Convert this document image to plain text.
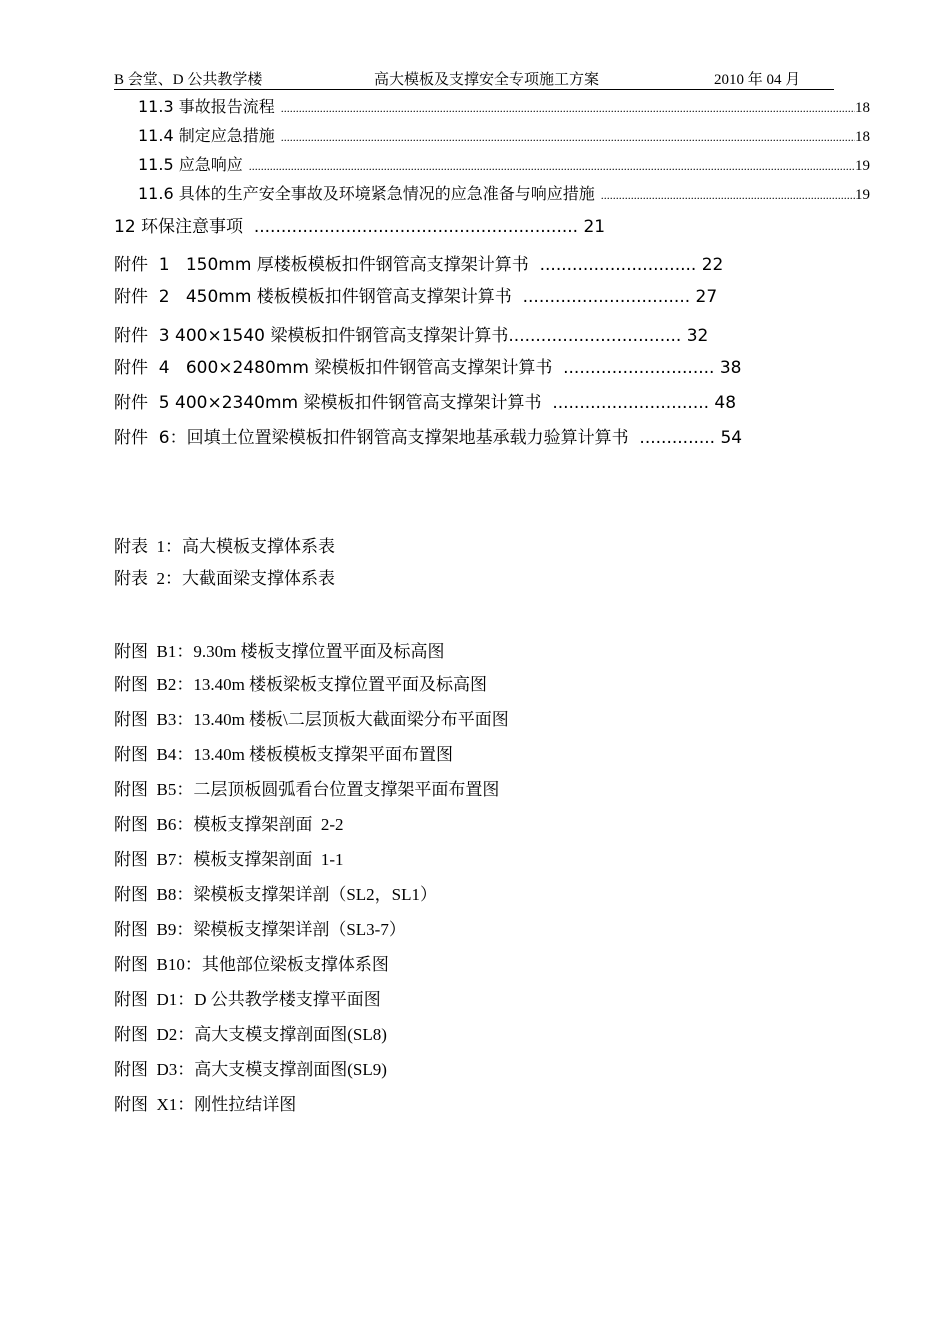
B 会堂、D 公共教学楼	高大模板及支撑安全专项施工方案	2010 年 04 月
11.3 事故报告流程 .....	18
11.4 制定应急措施 .....	18
11.5 应急响应 .....	19
11.6 具体的生产安全事故及环境紧急情况的应急准备与响应措施 .....	19
12 环保注意事项  ............................................................ 21
附件  1   150mm 厚楼板模板扣件钢管高支撑架计算书  ............................. 22
附件  2   450mm 楼板模板扣件钢管高支撑架计算书  ............................... 27
附件  3 400×1540 梁模板扣件钢管高支撑架计算书................................ 32
附件  4   600×2480mm 梁模板扣件钢管高支撑架计算书  ............................ 38
附件  5 400×2340mm 梁模板扣件钢管高支撑架计算书  ............................. 48
附件  6：回填土位置梁模板扣件钢管高支撑架地基承载力验算计算书  .............. 54
附表  1：高大模板支撑体系表
附表  2：大截面梁支撑体系表
附图  B1：9.30m 楼板支撑位置平面及标高图
附图  B2：13.40m 楼板梁板支撑位置平面及标高图
附图  B3：13.40m 楼板\二层顶板大截面梁分布平面图
附图  B4：13.40m 楼板模板支撑架平面布置图
附图  B5：二层顶板圆弧看台位置支撑架平面布置图
附图  B6：模板支撑架剖面  2-2
附图  B7：模板支撑架剖面  1-1
附图  B8：梁模板支撑架详剖（SL2，SL1）
附图  B9：梁模板支撑架详剖（SL3-7）
附图  B10：其他部位梁板支撑体系图
附图  D1：D 公共教学楼支撑平面图
附图  D2：高大支模支撑剖面图(SL8)
附图  D3：高大支模支撑剖面图(SL9)
附图  X1：刚性拉结详图
